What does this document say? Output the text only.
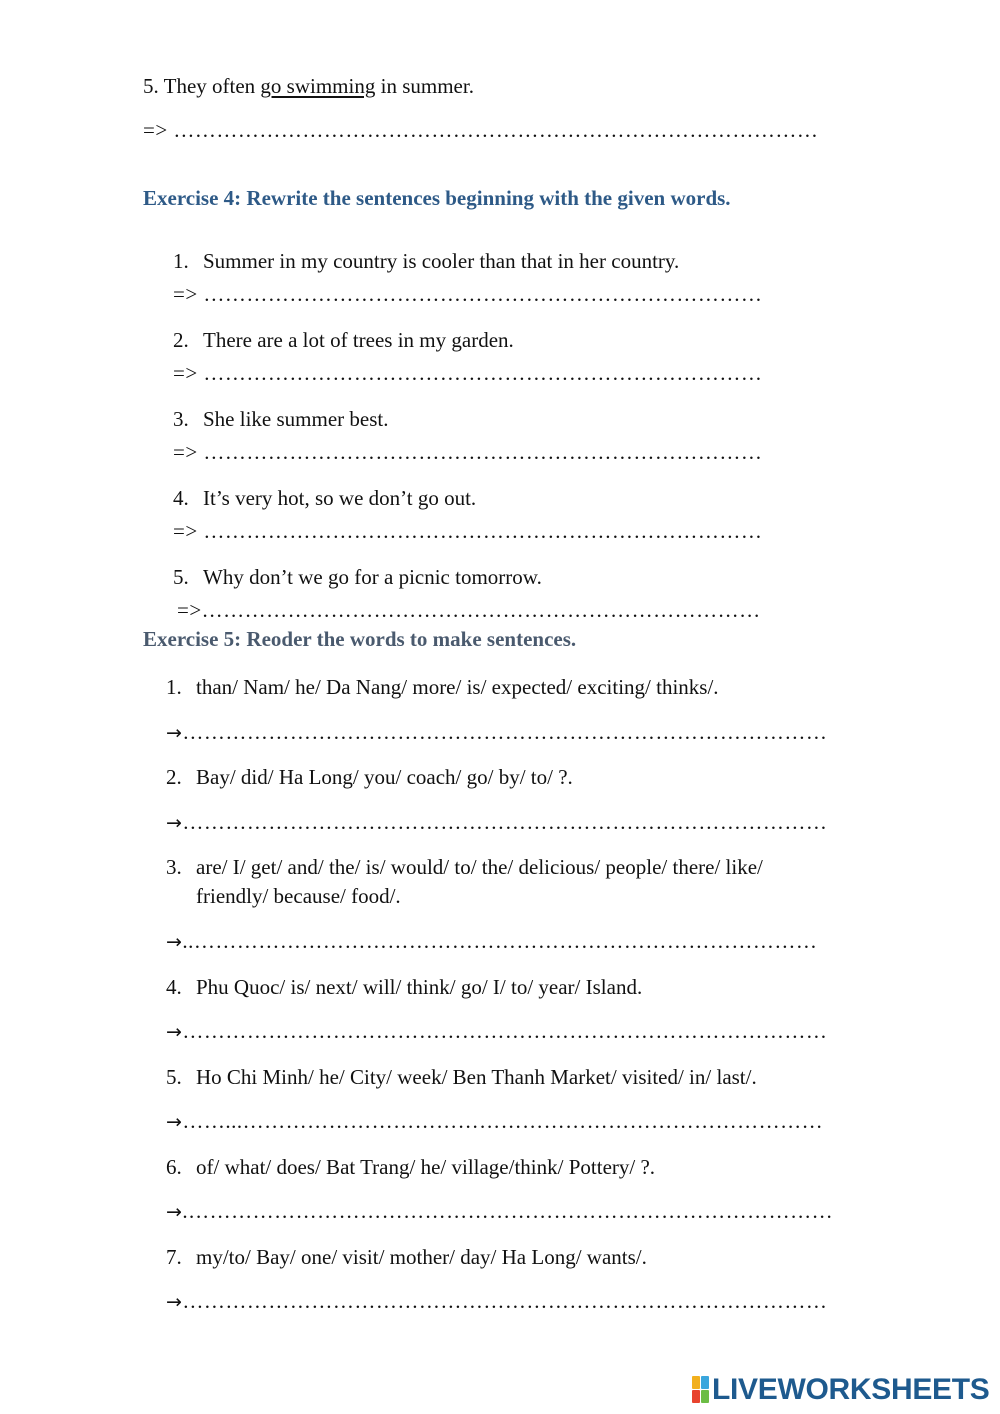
5. They often go swimming in summer.
=> ………………………………………………………………………………
Exercise 4: Rewrite the sentences beginning with the given words.
1. Summer in my country is cooler than that in her country.
=> ……………………………………………………………………
2. There are a lot of trees in my garden.
=> ……………………………………………………………………
3. She like summer best.
=> ……………………………………………………………………
4. It’s very hot, so we don’t go out.
=> ……………………………………………………………………
5. Why don’t we go for a picnic tomorrow.
=>……………………………………………………………………
Exercise 5: Reoder the words to make sentences.
1. than/ Nam/ he/ Da Nang/ more/ is/ expected/ exciting/ thinks/.
→………………………………………………………………………………
2. Bay/ did/ Ha Long/ you/ coach/ go/ by/ to/ ?.
→………………………………………………………………………………
3. are/ I/ get/ and/ the/ is/ would/ to/ the/ delicious/ people/ there/ like/
friendly/ because/ food/.
→..……………………………………………………………………………
4. Phu Quoc/ is/ next/ will/ think/ go/ I/ to/ year/ Island.
→………………………………………………………………………………
5. Ho Chi Minh/ he/ City/ week/ Ben Thanh Market/ visited/ in/ last/.
→……...………………………………………………………………………
6. of/ what/ does/ Bat Trang/ he/ village/think/ Pottery/ ?.
→.………………………………………………………………………………
7. my/to/ Bay/ one/ visit/ mother/ day/ Ha Long/ wants/.
→………………………………………………………………………………
LIVEWORKSHEETS
